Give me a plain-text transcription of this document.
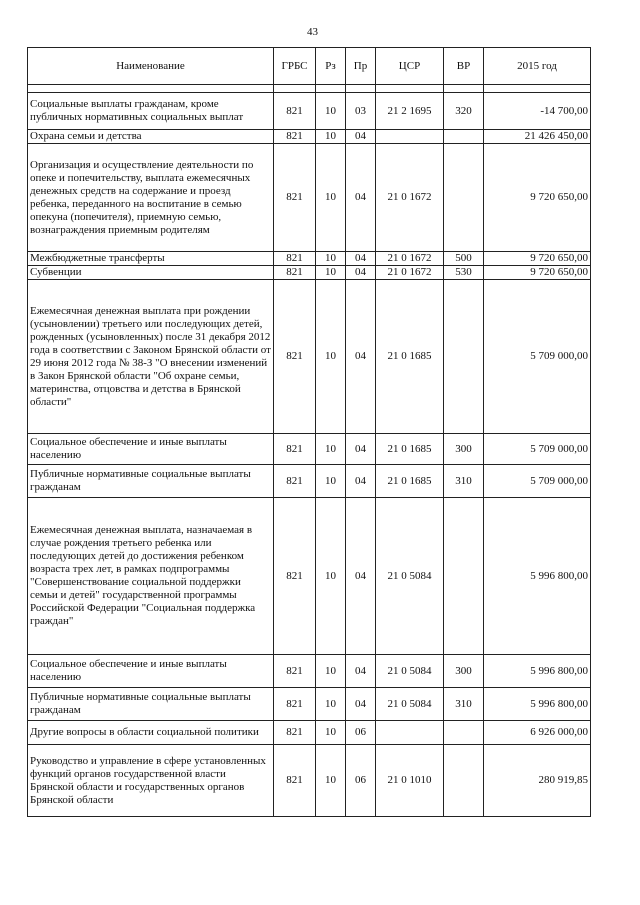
43
Наименование	ГРБС	Рз	Пр	ЦСР	ВР	2015 год

Социальные выплаты гражданам, кроме публичных нормативных социальных выплат	821	10	03	21 2 1695	320	-14 700,00
Охрана семьи и детства	821	10	04			21 426 450,00
Организация и осуществление деятельности по опеке и попечительству, выплата ежемесячных денежных средств на содержание и проезд ребенка, переданного на воспитание в семью опекуна (попечителя), приемную семью, вознаграждения приемным родителям	821	10	04	21 0 1672		9 720 650,00
Межбюджетные трансферты	821	10	04	21 0 1672	500	9 720 650,00
Субвенции	821	10	04	21 0 1672	530	9 720 650,00
Ежемесячная денежная выплата при рождении (усыновлении) третьего или последующих детей, рожденных (усыновленных) после 31 декабря 2012 года в соответствии с Законом Брянской области от 29 июня 2012 года № 38-З "О внесении изменений в Закон Брянской области "Об охране семьи, материнства, отцовства и детства в Брянской области"	821	10	04	21 0 1685		5 709 000,00
Социальное обеспечение и иные выплаты населению	821	10	04	21 0 1685	300	5 709 000,00
Публичные нормативные социальные выплаты гражданам	821	10	04	21 0 1685	310	5 709 000,00
Ежемесячная денежная выплата, назначаемая в случае рождения третьего ребенка или последующих детей до достижения ребенком возраста трех лет, в рамках подпрограммы "Совершенствование социальной поддержки семьи и детей" государственной программы Российской Федерации "Социальная поддержка граждан"	821	10	04	21 0 5084		5 996 800,00
Социальное обеспечение и иные выплаты населению	821	10	04	21 0 5084	300	5 996 800,00
Публичные нормативные социальные выплаты гражданам	821	10	04	21 0 5084	310	5 996 800,00
Другие вопросы в области социальной политики	821	10	06			6 926 000,00
Руководство и управление в сфере установленных функций органов государственной власти Брянской области и государственных органов Брянской области	821	10	06	21 0 1010		280 919,85
